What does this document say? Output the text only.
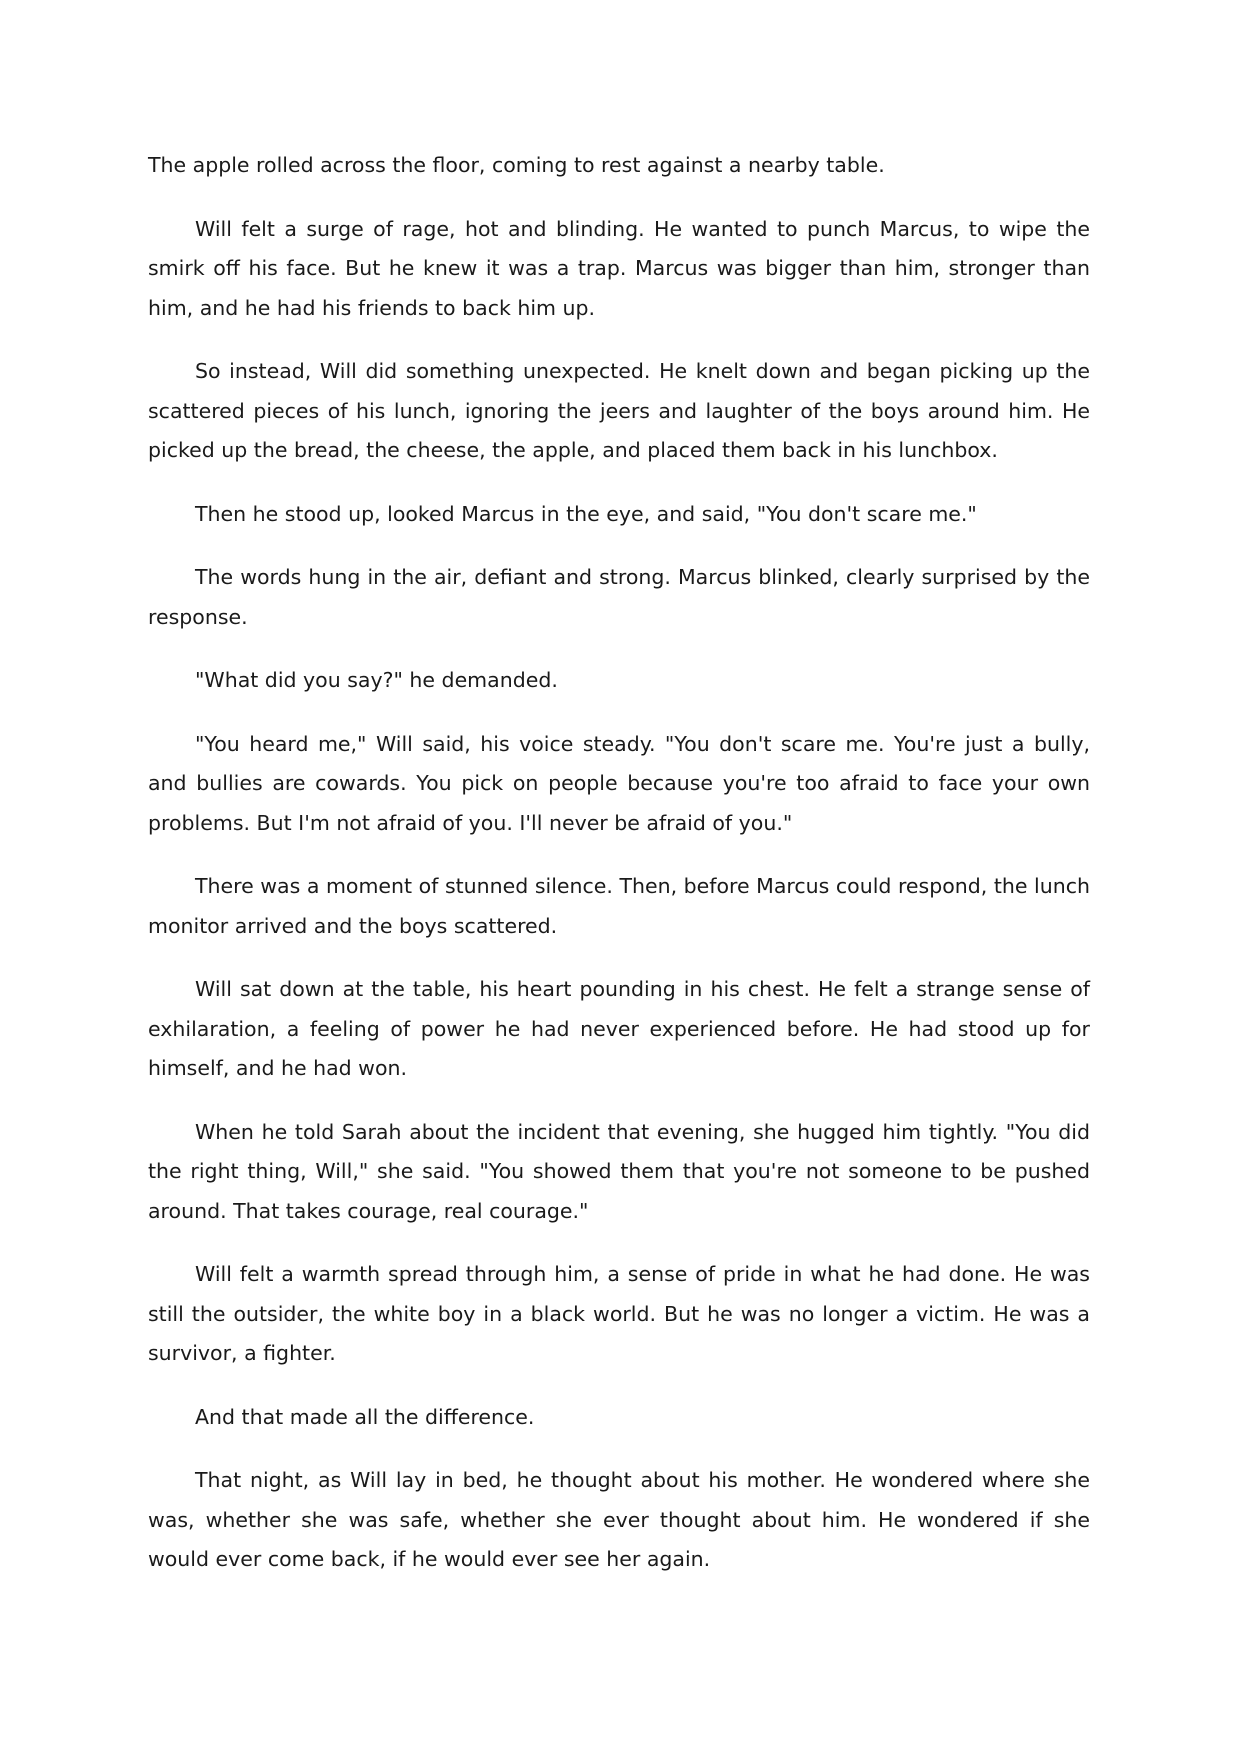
The apple rolled across the floor, coming to rest against a nearby table.

Will felt a surge of rage, hot and blinding. He wanted to punch Marcus, to wipe the smirk off his face. But he knew it was a trap. Marcus was bigger than him, stronger than him, and he had his friends to back him up.

So instead, Will did something unexpected. He knelt down and began picking up the scattered pieces of his lunch, ignoring the jeers and laughter of the boys around him. He picked up the bread, the cheese, the apple, and placed them back in his lunchbox.

Then he stood up, looked Marcus in the eye, and said, "You don't scare me."

The words hung in the air, defiant and strong. Marcus blinked, clearly surprised by the response.

"What did you say?" he demanded.

"You heard me," Will said, his voice steady. "You don't scare me. You're just a bully, and bullies are cowards. You pick on people because you're too afraid to face your own problems. But I'm not afraid of you. I'll never be afraid of you."

There was a moment of stunned silence. Then, before Marcus could respond, the lunch monitor arrived and the boys scattered.

Will sat down at the table, his heart pounding in his chest. He felt a strange sense of exhilaration, a feeling of power he had never experienced before. He had stood up for himself, and he had won.

When he told Sarah about the incident that evening, she hugged him tightly. "You did the right thing, Will," she said. "You showed them that you're not someone to be pushed around. That takes courage, real courage."

Will felt a warmth spread through him, a sense of pride in what he had done. He was still the outsider, the white boy in a black world. But he was no longer a victim. He was a survivor, a fighter.

And that made all the difference.

That night, as Will lay in bed, he thought about his mother. He wondered where she was, whether she was safe, whether she ever thought about him. He wondered if she would ever come back, if he would ever see her again.
